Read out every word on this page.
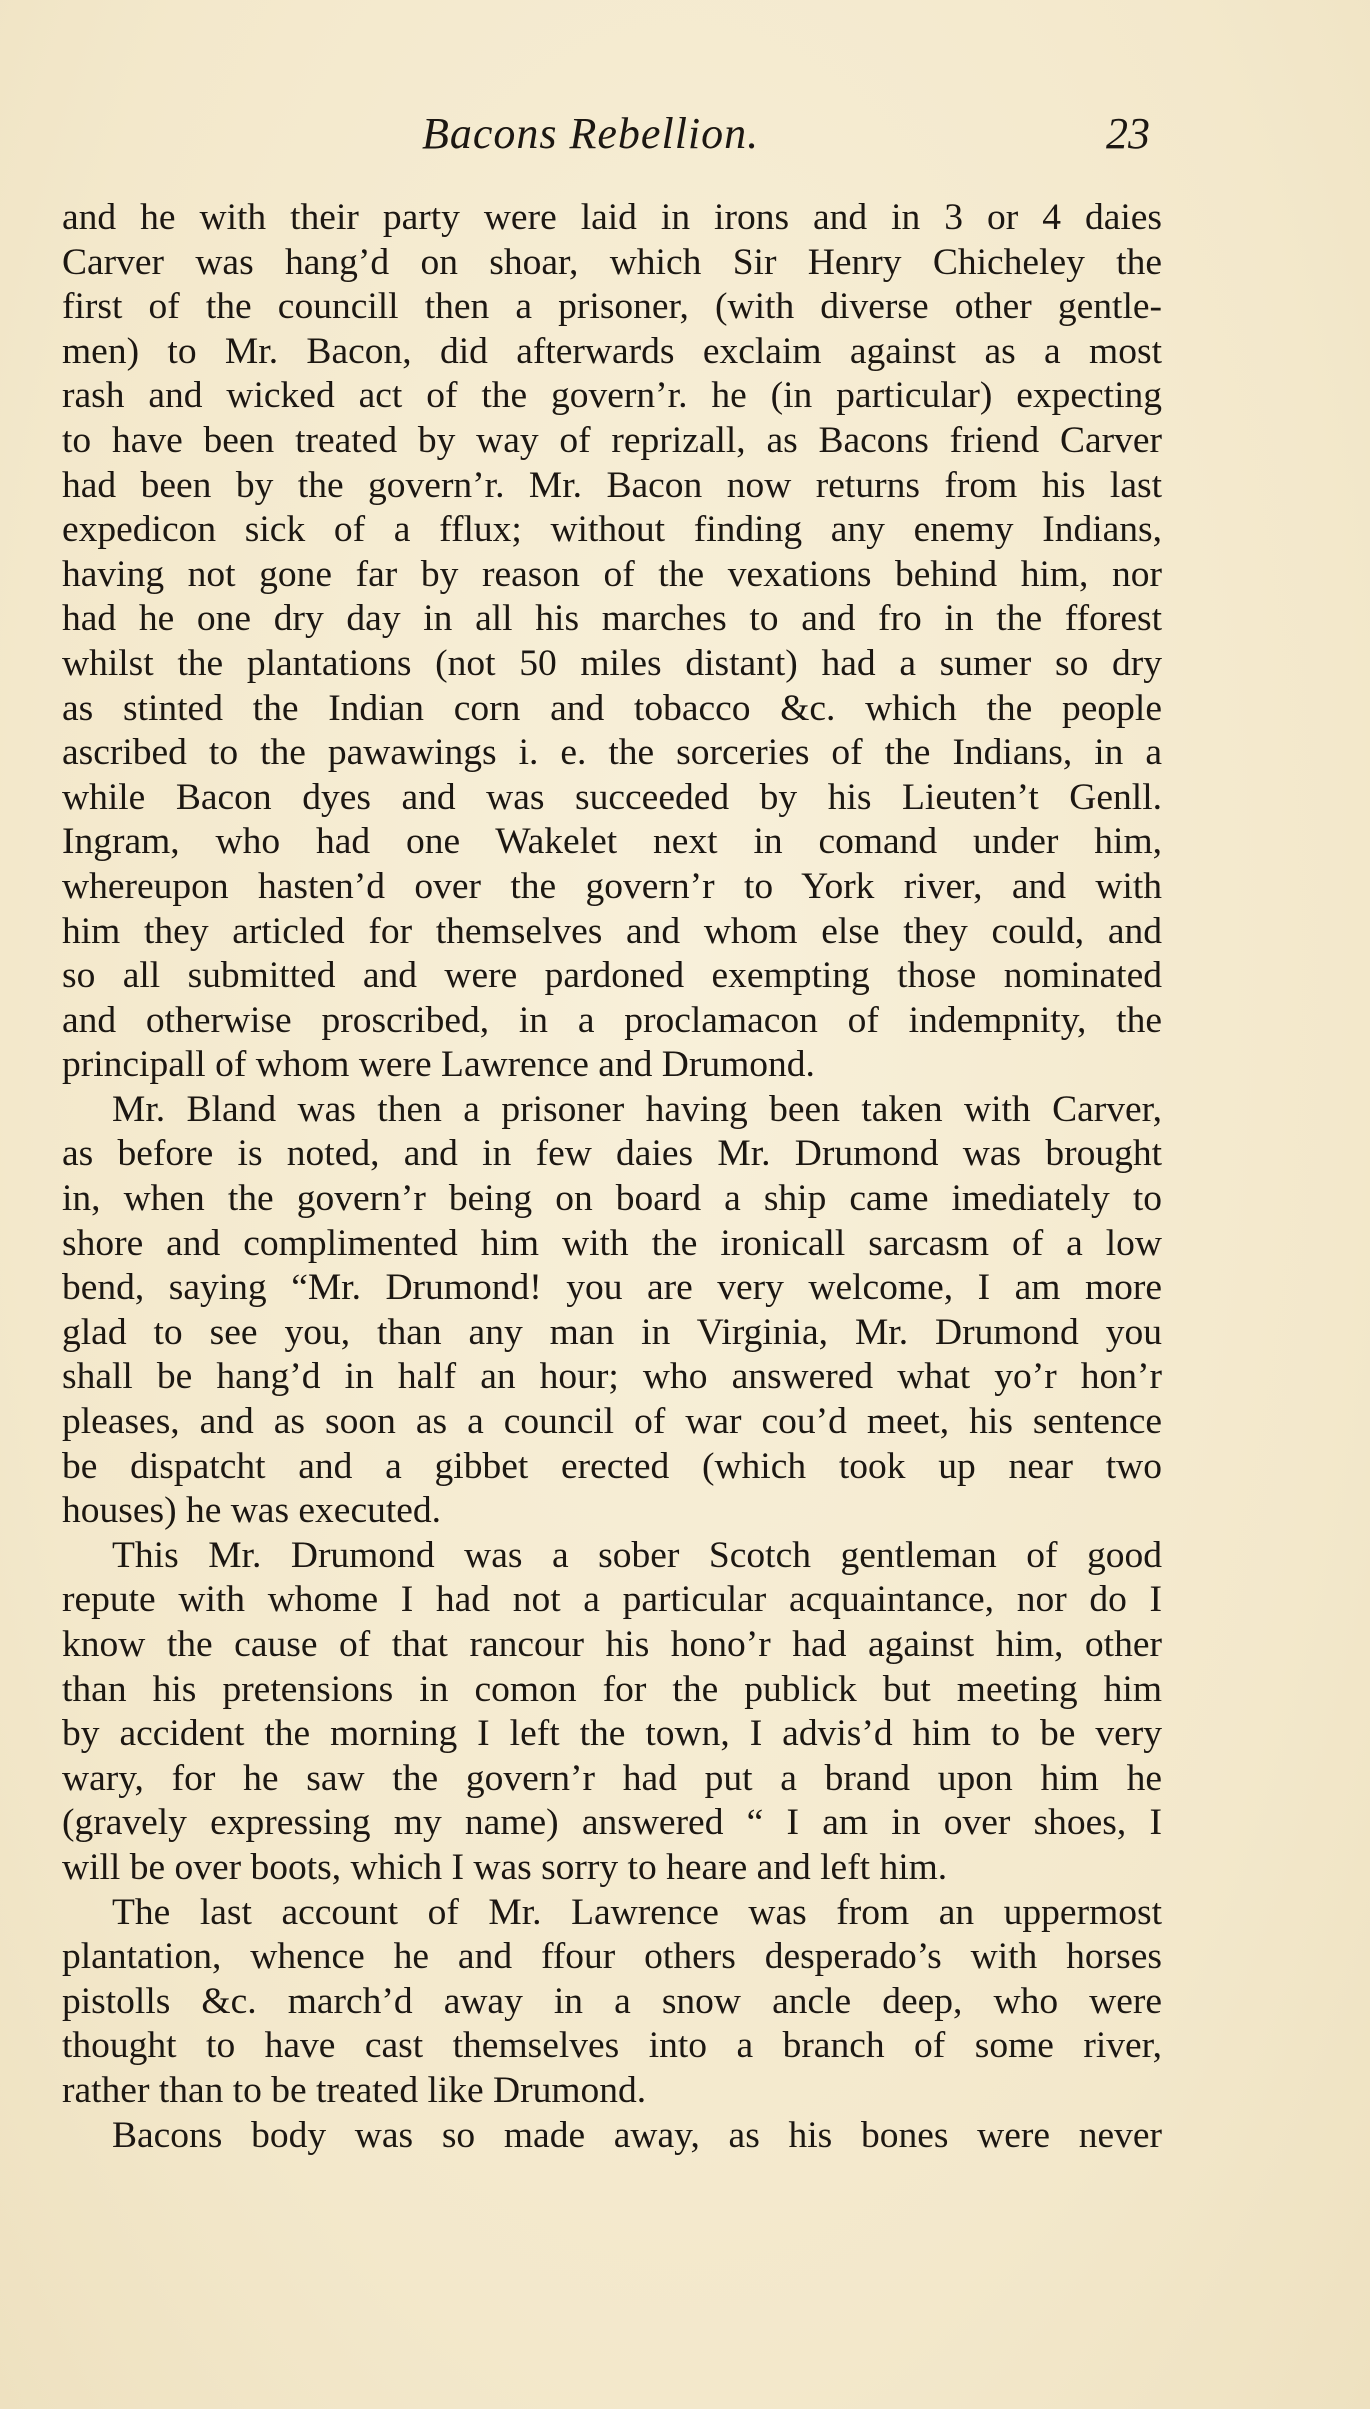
Bacons Rebellion.	23
and he with their party were laid in irons and in 3 or 4 daies
Carver was hang’d on shoar, which Sir Henry Chicheley the
first of the councill then a prisoner, (with diverse other gentle-
men) to Mr. Bacon, did afterwards exclaim against as a most
rash and wicked act of the govern’r. he (in particular) expecting
to have been treated by way of reprizall, as Bacons friend Carver
had been by the govern’r. Mr. Bacon now returns from his last
expedicon sick of a fflux; without finding any enemy Indians,
having not gone far by reason of the vexations behind him, nor
had he one dry day in all his marches to and fro in the fforest
whilst the plantations (not 50 miles distant) had a sumer so dry
as stinted the Indian corn and tobacco &c. which the people
ascribed to the pawawings i. e. the sorceries of the Indians, in a
while Bacon dyes and was succeeded by his Lieuten’t Genll.
Ingram, who had one Wakelet next in comand under him,
whereupon hasten’d over the govern’r to York river, and with
him they articled for themselves and whom else they could, and
so all submitted and were pardoned exempting those nominated
and otherwise proscribed, in a proclamacon of indempnity, the
principall of whom were Lawrence and Drumond.
Mr. Bland was then a prisoner having been taken with Carver,
as before is noted, and in few daies Mr. Drumond was brought
in, when the govern’r being on board a ship came imediately to
shore and complimented him with the ironicall sarcasm of a low
bend, saying “Mr. Drumond! you are very welcome, I am more
glad to see you, than any man in Virginia, Mr. Drumond you
shall be hang’d in half an hour; who answered what yo’r hon’r
pleases, and as soon as a council of war cou’d meet, his sentence
be dispatcht and a gibbet erected (which took up near two
houses) he was executed.
This Mr. Drumond was a sober Scotch gentleman of good
repute with whome I had not a particular acquaintance, nor do I
know the cause of that rancour his hono’r had against him, other
than his pretensions in comon for the publick but meeting him
by accident the morning I left the town, I advis’d him to be very
wary, for he saw the govern’r had put a brand upon him he
(gravely expressing my name) answered “ I am in over shoes, I
will be over boots, which I was sorry to heare and left him.
The last account of Mr. Lawrence was from an uppermost
plantation, whence he and ffour others desperado’s with horses
pistolls &c. march’d away in a snow ancle deep, who were
thought to have cast themselves into a branch of some river,
rather than to be treated like Drumond.
Bacons body was so made away, as his bones were never
